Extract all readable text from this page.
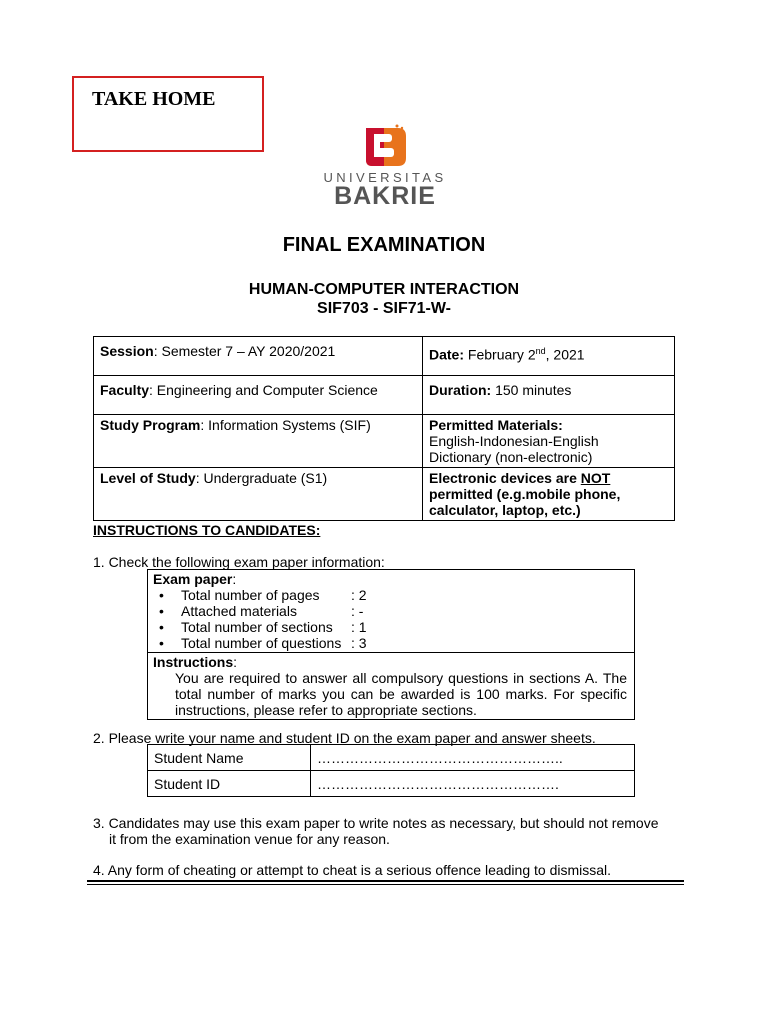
TAKE HOME
UNIVERSITAS
BAKRIE
FINAL EXAMINATION
HUMAN-COMPUTER INTERACTION
SIF703 - SIF71-W-
Session: Semester 7 – AY 2020/2021	Date: February 2nd, 2021
Faculty: Engineering and Computer Science	Duration: 150 minutes
Study Program: Information Systems (SIF)	Permitted Materials:
English-Indonesian-English
Dictionary (non-electronic)

Level of Study: Undergraduate (S1)	Electronic devices are NOT
permitted (e.g.mobile phone, calculator, laptop, etc.)
INSTRUCTIONS TO CANDIDATES:
1. Check the following exam paper information:
Exam paper:
• Total number of pages : 2
• Attached materials	: -
• Total number of sections : 1
• Total number of questions : 3

Instructions:
You are required to answer all compulsory questions in sections A. The total number of marks you can be awarded is 100 marks. For specific instructions, please refer to appropriate sections.
2. Please write your name and student ID on the exam paper and answer sheets.
Student Name	……………………………………………..
Student ID	…………………………………………….
3. Candidates may use this exam paper to write notes as necessary, but should not remove
it from the examination venue for any reason.
4. Any form of cheating or attempt to cheat is a serious offence leading to dismissal.
